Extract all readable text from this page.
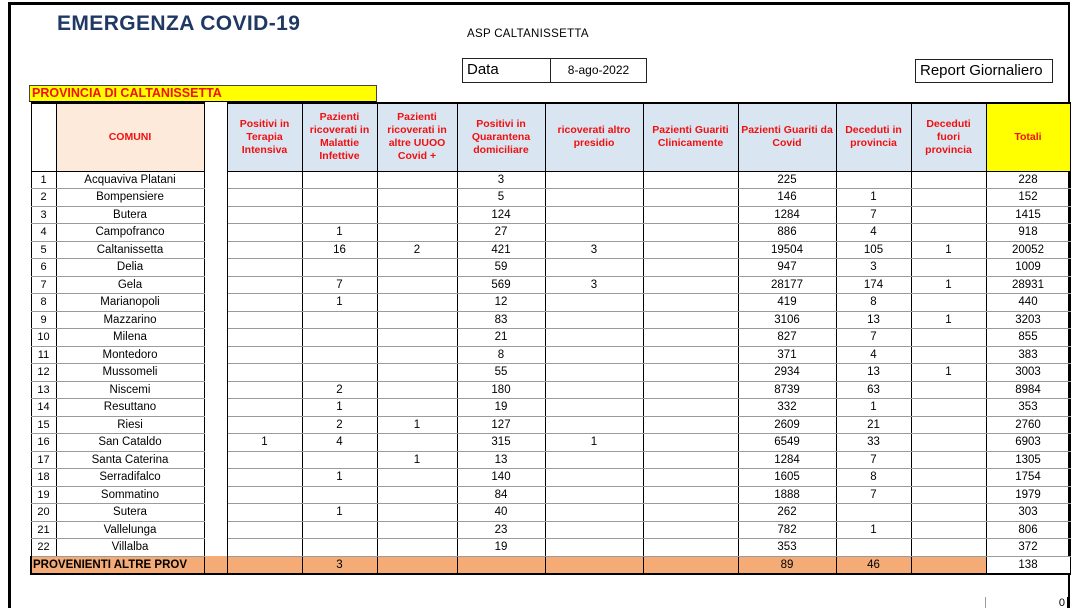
EMERGENZA COVID-19	ASP CALTANISSETTA
Data	8-ago-2022	Report Giornaliero
PROVINCIA DI CALTANISSETTA
	COMUNI		Positivi in Terapia Intensiva	Pazienti ricoverati in Malattie Infettive	Pazienti ricoverati in altre UUOO Covid +	Positivi in Quarantena domiciliare	ricoverati altro presidio	Pazienti Guariti Clinicamente	Pazienti Guariti da Covid	Deceduti in provincia	Deceduti fuori provincia	Totali
1	Acquaviva Platani					3			225			228
2	Bompensiere					5			146	1		152
3	Butera					124			1284	7		1415
4	Campofranco			1		27			886	4		918
5	Caltanissetta			16	2	421	3		19504	105	1	20052
6	Delia					59			947	3		1009
7	Gela			7		569	3		28177	174	1	28931
8	Marianopoli			1		12			419	8		440
9	Mazzarino					83			3106	13	1	3203
10	Milena					21			827	7		855
11	Montedoro					8			371	4		383
12	Mussomeli					55			2934	13	1	3003
13	Niscemi			2		180			8739	63		8984
14	Resuttano			1		19			332	1		353
15	Riesi			2	1	127			2609	21		2760
16	San Cataldo		1	4		315	1		6549	33		6903
17	Santa Caterina				1	13			1284	7		1305
18	Serradifalco			1		140			1605	8		1754
19	Sommatino					84			1888	7		1979
20	Sutera			1		40			262			303
21	Vallelunga					23			782	1		806
22	Villalba					19			353			372
PROVENIENTI ALTRE PROV				3					89	46		138
0
